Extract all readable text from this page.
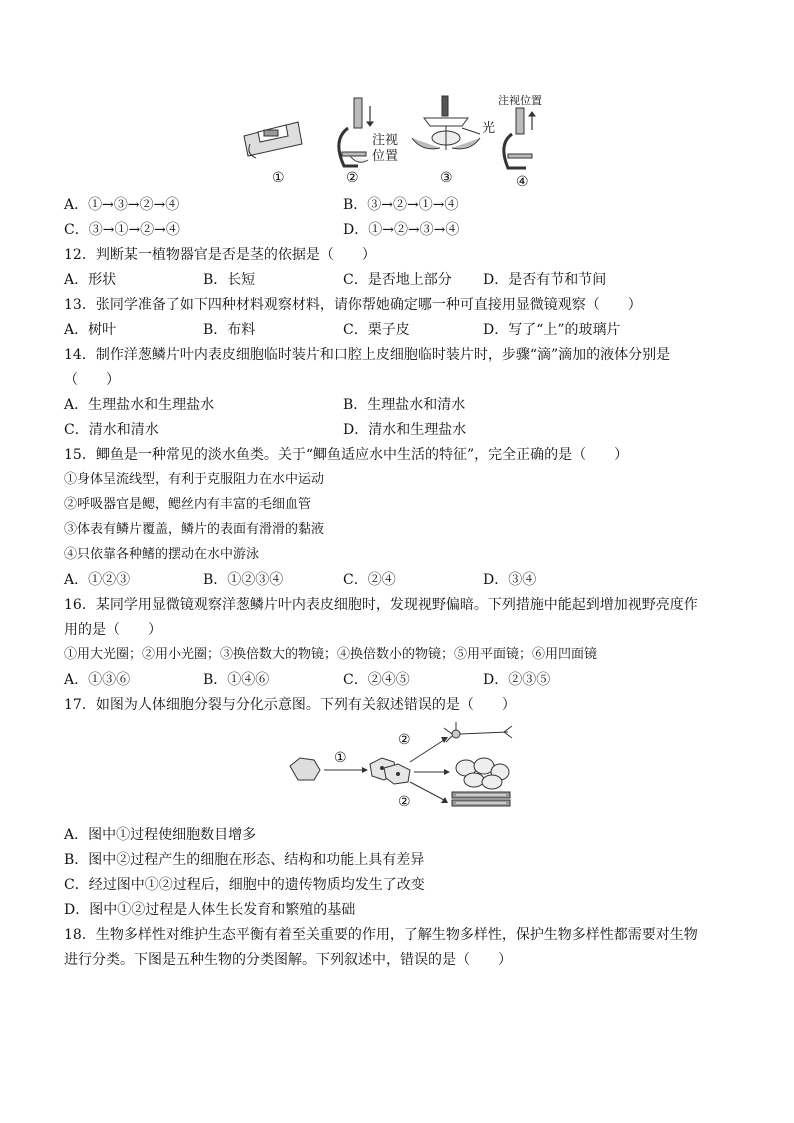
注视
位置
光
注视位置
①	②	③	④
A．①→③→②→④	B．③→②→①→④
C．③→①→②→④	D．①→②→③→④
12．判断某一植物器官是否是茎的依据是（　　）
A．形状	B．长短	C．是否地上部分 D．是否有节和节间
13．张同学准备了如下四种材料观察材料，请你帮她确定哪一种可直接用显微镜观察（　　）
A．树叶	B．布料	C．栗子皮	D．写了“上”的玻璃片
14．制作洋葱鳞片叶内表皮细胞临时装片和口腔上皮细胞临时装片时，步骤“滴”滴加的液体分别是
（　　）
A．生理盐水和生理盐水	B．生理盐水和清水
C．清水和清水	D．清水和生理盐水
15．鲫鱼是一种常见的淡水鱼类。关于“鲫鱼适应水中生活的特征”，完全正确的是（　　）
①身体呈流线型，有利于克服阻力在水中运动
②呼吸器官是鳃，鳃丝内有丰富的毛细血管
③体表有鳞片覆盖，鳞片的表面有滑滑的黏液
④只依靠各种鳍的摆动在水中游泳
A．①②③	B．①②③④	C．②④	D．③④
16．某同学用显微镜观察洋葱鳞片叶内表皮细胞时，发现视野偏暗。下列措施中能起到增加视野亮度作
用的是（　　）
①用大光圈；②用小光圈；③换倍数大的物镜；④换倍数小的物镜；⑤用平面镜；⑥用凹面镜
A．①③⑥	B．①④⑥	C．②④⑤	D．②③⑤
17．如图为人体细胞分裂与分化示意图。下列有关叙述错误的是（　　）
①
②
②
A．图中①过程使细胞数目增多
B．图中②过程产生的细胞在形态、结构和功能上具有差异
C．经过图中①②过程后，细胞中的遗传物质均发生了改变
D．图中①②过程是人体生长发育和繁殖的基础
18．生物多样性对维护生态平衡有着至关重要的作用，了解生物多样性，保护生物多样性都需要对生物
进行分类。下图是五种生物的分类图解。下列叙述中，错误的是（　　）
